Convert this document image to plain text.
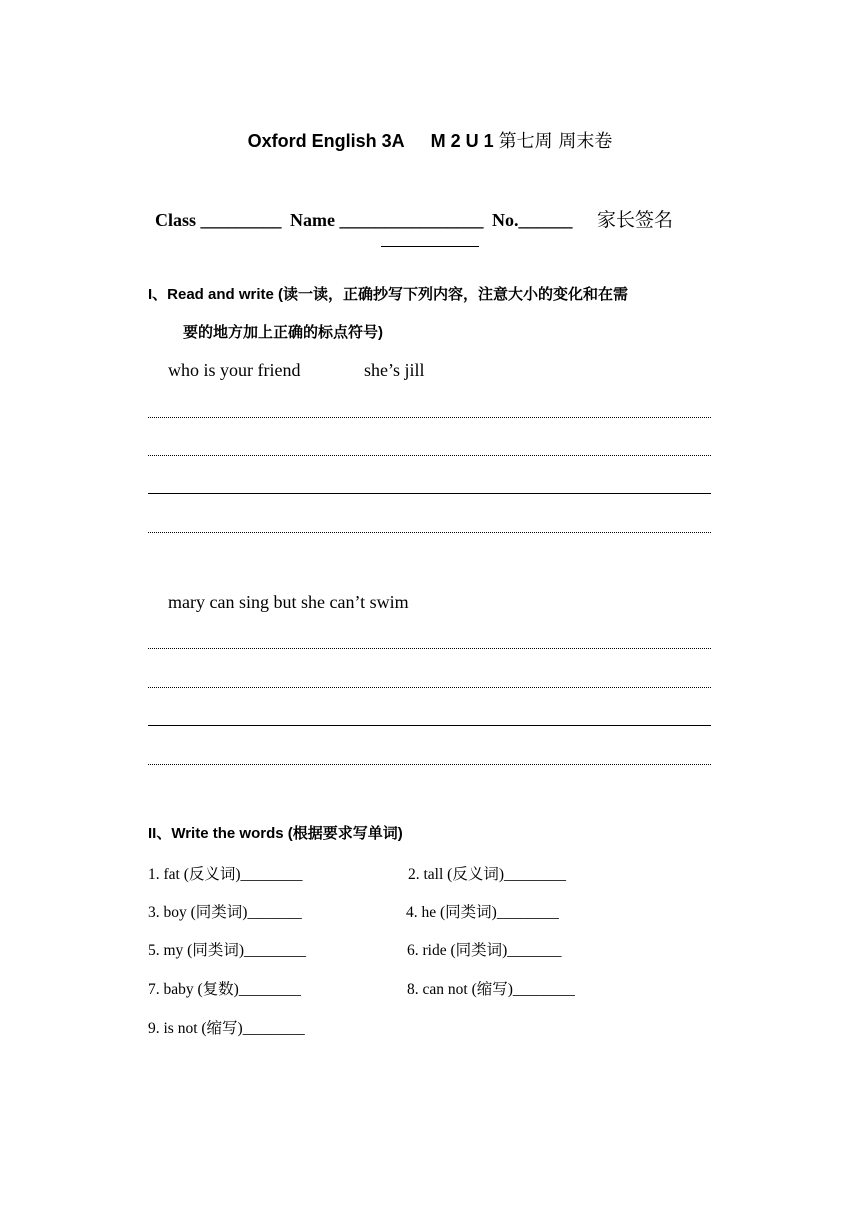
Oxford English 3A M 2 U 1 第七周 周末卷
Class _________ Name ________________ No.______ 家长签名
I、Read and write (读一读，正确抄写下列内容，注意大小的变化和在需
要的地方加上正确的标点符号)
who is your friend	she’s jill
mary can sing but she can’t swim
II、Write the words (根据要求写单词)
1. fat (反义词)________	2. tall (反义词)________
3. boy (同类词)_______	4. he (同类词)________
5. my (同类词)________	6. ride (同类词)_______
7. baby (复数)________	8. can not (缩写)________
9. is not (缩写)________
